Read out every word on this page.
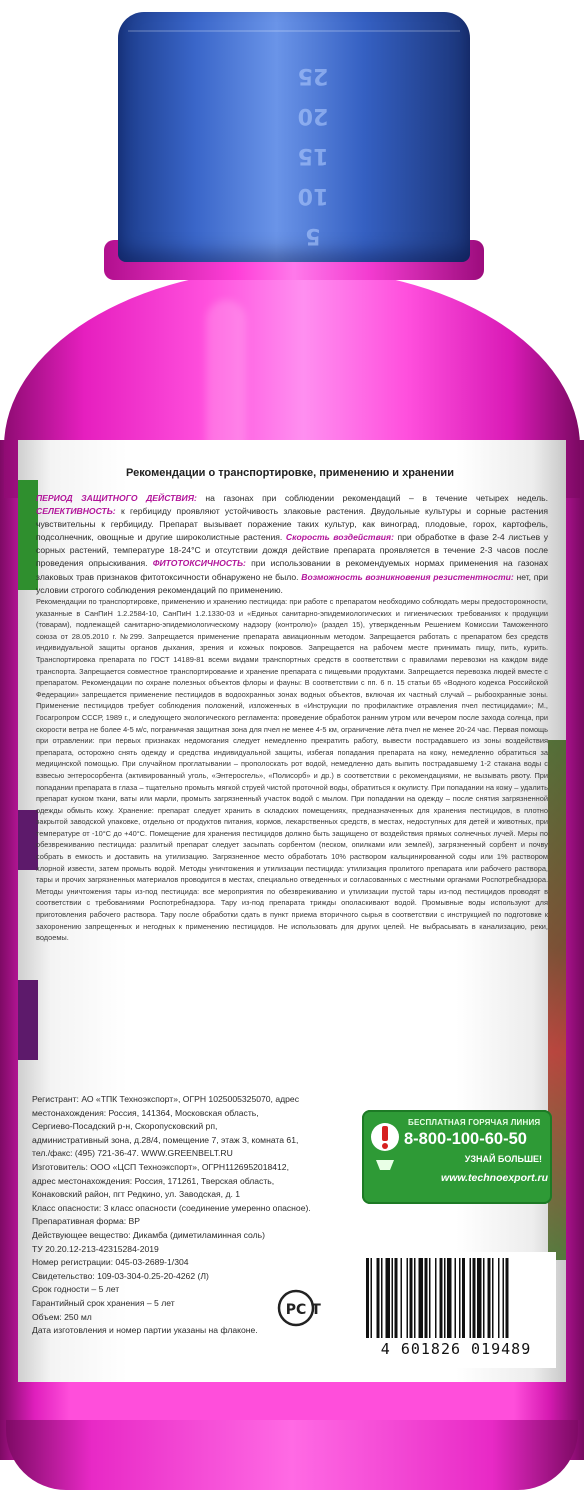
25
20
15
10
5
Рекомендации о транспортировке, применению и хранении
ПЕРИОД ЗАЩИТНОГО ДЕЙСТВИЯ: на газонах при соблюдении рекомендаций – в течение четырех недель. СЕЛЕКТИВНОСТЬ: к гербициду проявляют устойчивость злаковые растения. Двудольные культуры и сорные растения чувствительны к гербициду. Препарат вызывает поражение таких культур, как виноград, плодовые, горох, картофель, подсолнечник, овощные и другие широколистные растения. Скорость воздействия: при обработке в фазе 2-4 листьев у сорных растений, температуре 18-24°С и отсутствии дождя действие препарата проявляется в течение 2-3 часов после проведения опрыскивания. ФИТОТОКСИЧНОСТЬ: при использовании в рекомендуемых нормах применения на газонах злаковых трав признаков фитотоксичности обнаружено не было. Возможность возникновения резистентности: нет, при условии строгого соблюдения рекомендаций по применению.
Рекомендации по транспортировке, применению и хранению пестицида: при работе с препаратом необходимо соблюдать меры предосторожности, указанные в СанПиН 1.2.2584-10, СанПиН 1.2.1330-03 и «Единых санитарно-эпидемиологических и гигиенических требованиях к продукции (товарам), подлежащей санитарно-эпидемиологическому надзору (контролю)» (раздел 15), утвержденным Решением Комиссии Таможенного союза от 28.05.2010 г. №299. Запрещается применение препарата авиационным методом. Запрещается работать с препаратом без средств индивидуальной защиты органов дыхания, зрения и кожных покровов. Запрещается на рабочем месте принимать пищу, пить, курить. Транспортировка препарата по ГОСТ 14189-81 всеми видами транспортных средств в соответствии с правилами перевозки на каждом виде транспорта. Запрещается совместное транспортирование и хранение препарата с пищевыми продуктами. Запрещается перевозка людей вместе с препаратом. Рекомендации по охране полезных объектов флоры и фауны: В соответствии с пп. 6 п. 15 статьи 65 «Водного кодекса Российской Федерации» запрещается применение пестицидов в водоохранных зонах водных объектов, включая их частный случай – рыбоохранные зоны. Применение пестицидов требует соблюдения положений, изложенных в «Инструкции по профилактике отравления пчел пестицидами»; М., Госагропром СССР, 1989 г., и следующего экологического регламента: проведение обработок ранним утром или вечером после захода солнца, при скорости ветра не более 4-5 м/с, пограничная защитная зона для пчел не менее 4-5 км, ограничение лёта пчел не менее 20-24 час. Первая помощь при отравлении: при первых признаках недомогания следует немедленно прекратить работу, вывести пострадавшего из зоны воздействия препарата, осторожно снять одежду и средства индивидуальной защиты, избегая попадания препарата на кожу, немедленно обратиться за медицинской помощью. При случайном проглатывании – прополоскать рот водой, немедленно дать выпить пострадавшему 1-2 стакана воды с взвесью энтеросорбента (активированный уголь, «Энтеросгель», «Полисорб» и др.) в соответствии с рекомендациями, не вызывать рвоту. При попадании препарата в глаза – тщательно промыть мягкой струей чистой проточной воды, обратиться к окулисту. При попадании на кожу – удалить препарат куском ткани, ваты или марли, промыть загрязненный участок водой с мылом. При попадании на одежду – после снятия загрязненной одежды обмыть кожу. Хранение: препарат следует хранить в складских помещениях, предназначенных для хранения пестицидов, в плотно закрытой заводской упаковке, отдельно от продуктов питания, кормов, лекарственных средств, в местах, недоступных для детей и животных, при температуре от -10°С до +40°С. Помещение для хранения пестицидов должно быть защищено от воздействия прямых солнечных лучей. Меры по обезвреживанию пестицида: разлитый препарат следует засыпать сорбентом (песком, опилками или землей), загрязненный сорбент и почву собрать в емкость и доставить на утилизацию. Загрязненное место обработать 10% раствором кальцинированной соды или 1% раствором хлорной извести, затем промыть водой. Методы уничтожения и утилизации пестицида: утилизация пролитого препарата или рабочего раствора, тары и прочих загрязненных материалов проводится в местах, специально отведенных и согласованных с местными органами Роспотребнадзора. Методы уничтожения тары из-под пестицида: все мероприятия по обезвреживанию и утилизации пустой тары из-под пестицидов проводят в соответствии с требованиями Роспотребнадзора. Тару из-под препарата трижды ополаскивают водой. Промывные воды используют для приготовления рабочего раствора. Тару после обработки сдать в пункт приема вторичного сырья в соответствии с инструкцией по подготовке к захоронению запрещенных и негодных к применению пестицидов. Не использовать для других целей. Не выбрасывать в канализацию, реки, водоемы.
Регистрант: АО «ТПК Техноэкспорт», ОГРН 1025005325070, адрес
местонахождения: Россия, 141364, Московская область,
Сергиево-Посадский р-н, Скоропусковский рп,
административный зона, д.28/4, помещение 7, этаж 3, комната 61,
тел./факс: (495) 721-36-47. WWW.GREENBELT.RU
Изготовитель: ООО «ЦСП Техноэкспорт», ОГРН1126952018412,
адрес местонахождения: Россия, 171261, Тверская область,
Конаковский район, пгт Редкино, ул. Заводская, д. 1
Класс опасности: 3 класс опасности (соединение умеренно опасное).
Препаративная форма: ВР
Действующее вещество: Дикамба (диметиламинная соль)
ТУ 20.20.12-213-42315284-2019
Номер регистрации: 045-03-2689-1/304
Свидетельство: 109-03-304-0.25-20-4262 (Л)
Срок годности – 5 лет
Гарантийный срок хранения – 5 лет
Объем: 250 мл
Дата изготовления и номер партии указаны на флаконе.
БЕСПЛАТНАЯ ГОРЯЧАЯ ЛИНИЯ
8-800-100-60-50
УЗНАЙ БОЛЬШЕ!
www.technoexport.ru
РС Т
4 601826 019489
